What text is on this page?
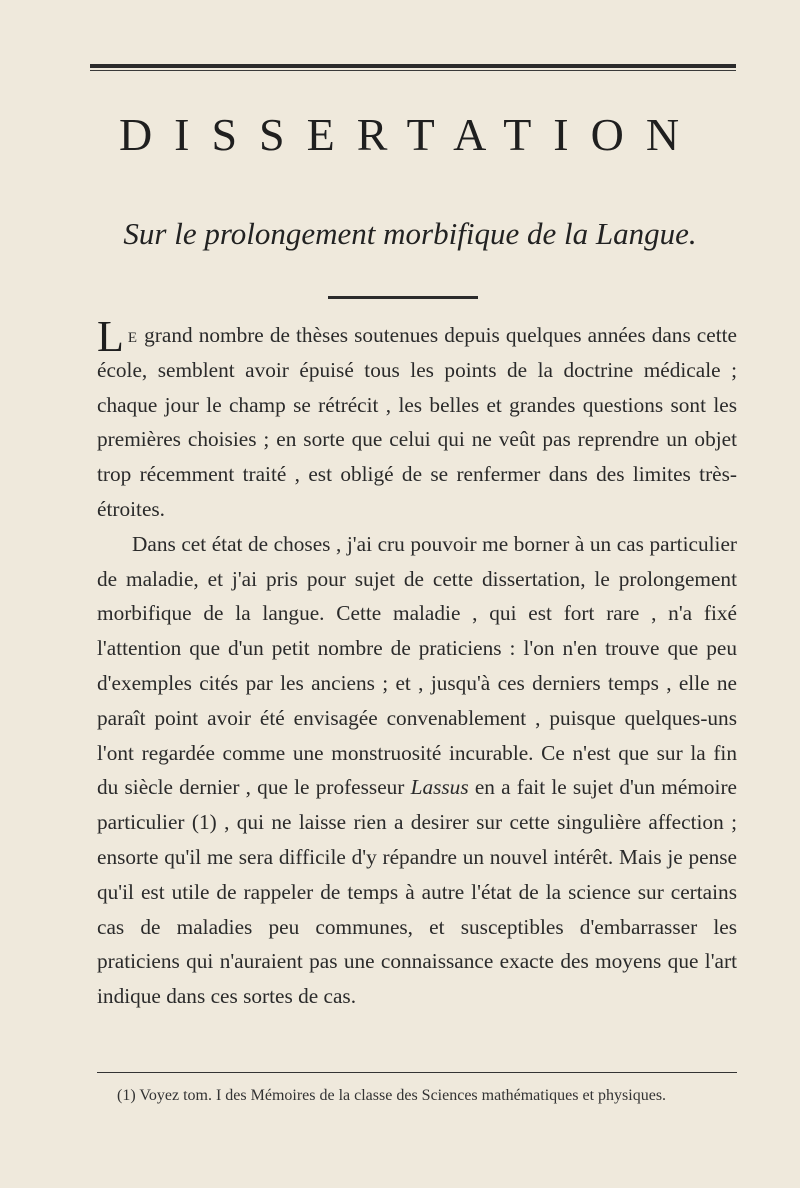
DISSERTATION
Sur le prolongement morbifique de la Langue.

Le grand nombre de thèses soutenues depuis quelques années dans cette école, semblent avoir épuisé tous les points de la doctrine médicale ; chaque jour le champ se rétrécit , les belles et grandes questions sont les premières choisies ; en sorte que celui qui ne veût pas reprendre un objet trop récemment traité , est obligé de se renfermer dans des limites très-étroites.

Dans cet état de choses , j'ai cru pouvoir me borner à un cas particulier de maladie, et j'ai pris pour sujet de cette dissertation, le prolongement morbifique de la langue. Cette maladie , qui est fort rare , n'a fixé l'attention que d'un petit nombre de praticiens : l'on n'en trouve que peu d'exemples cités par les anciens ; et , jusqu'à ces derniers temps , elle ne paraît point avoir été envisagée convenablement , puisque quelques-uns l'ont regardée comme une monstruosité incurable. Ce n'est que sur la fin du siècle dernier , que le professeur Lassus en a fait le sujet d'un mémoire particulier (1) , qui ne laisse rien a desirer sur cette singulière affection ; ensorte qu'il me sera difficile d'y répandre un nouvel intérêt. Mais je pense qu'il est utile de rappeler de temps à autre l'état de la science sur certains cas de maladies peu communes, et susceptibles d'embarrasser les praticiens qui n'auraient pas une connaissance exacte des moyens que l'art indique dans ces sortes de cas.

(1) Voyez tom. I des Mémoires de la classe des Sciences mathématiques et physiques.
